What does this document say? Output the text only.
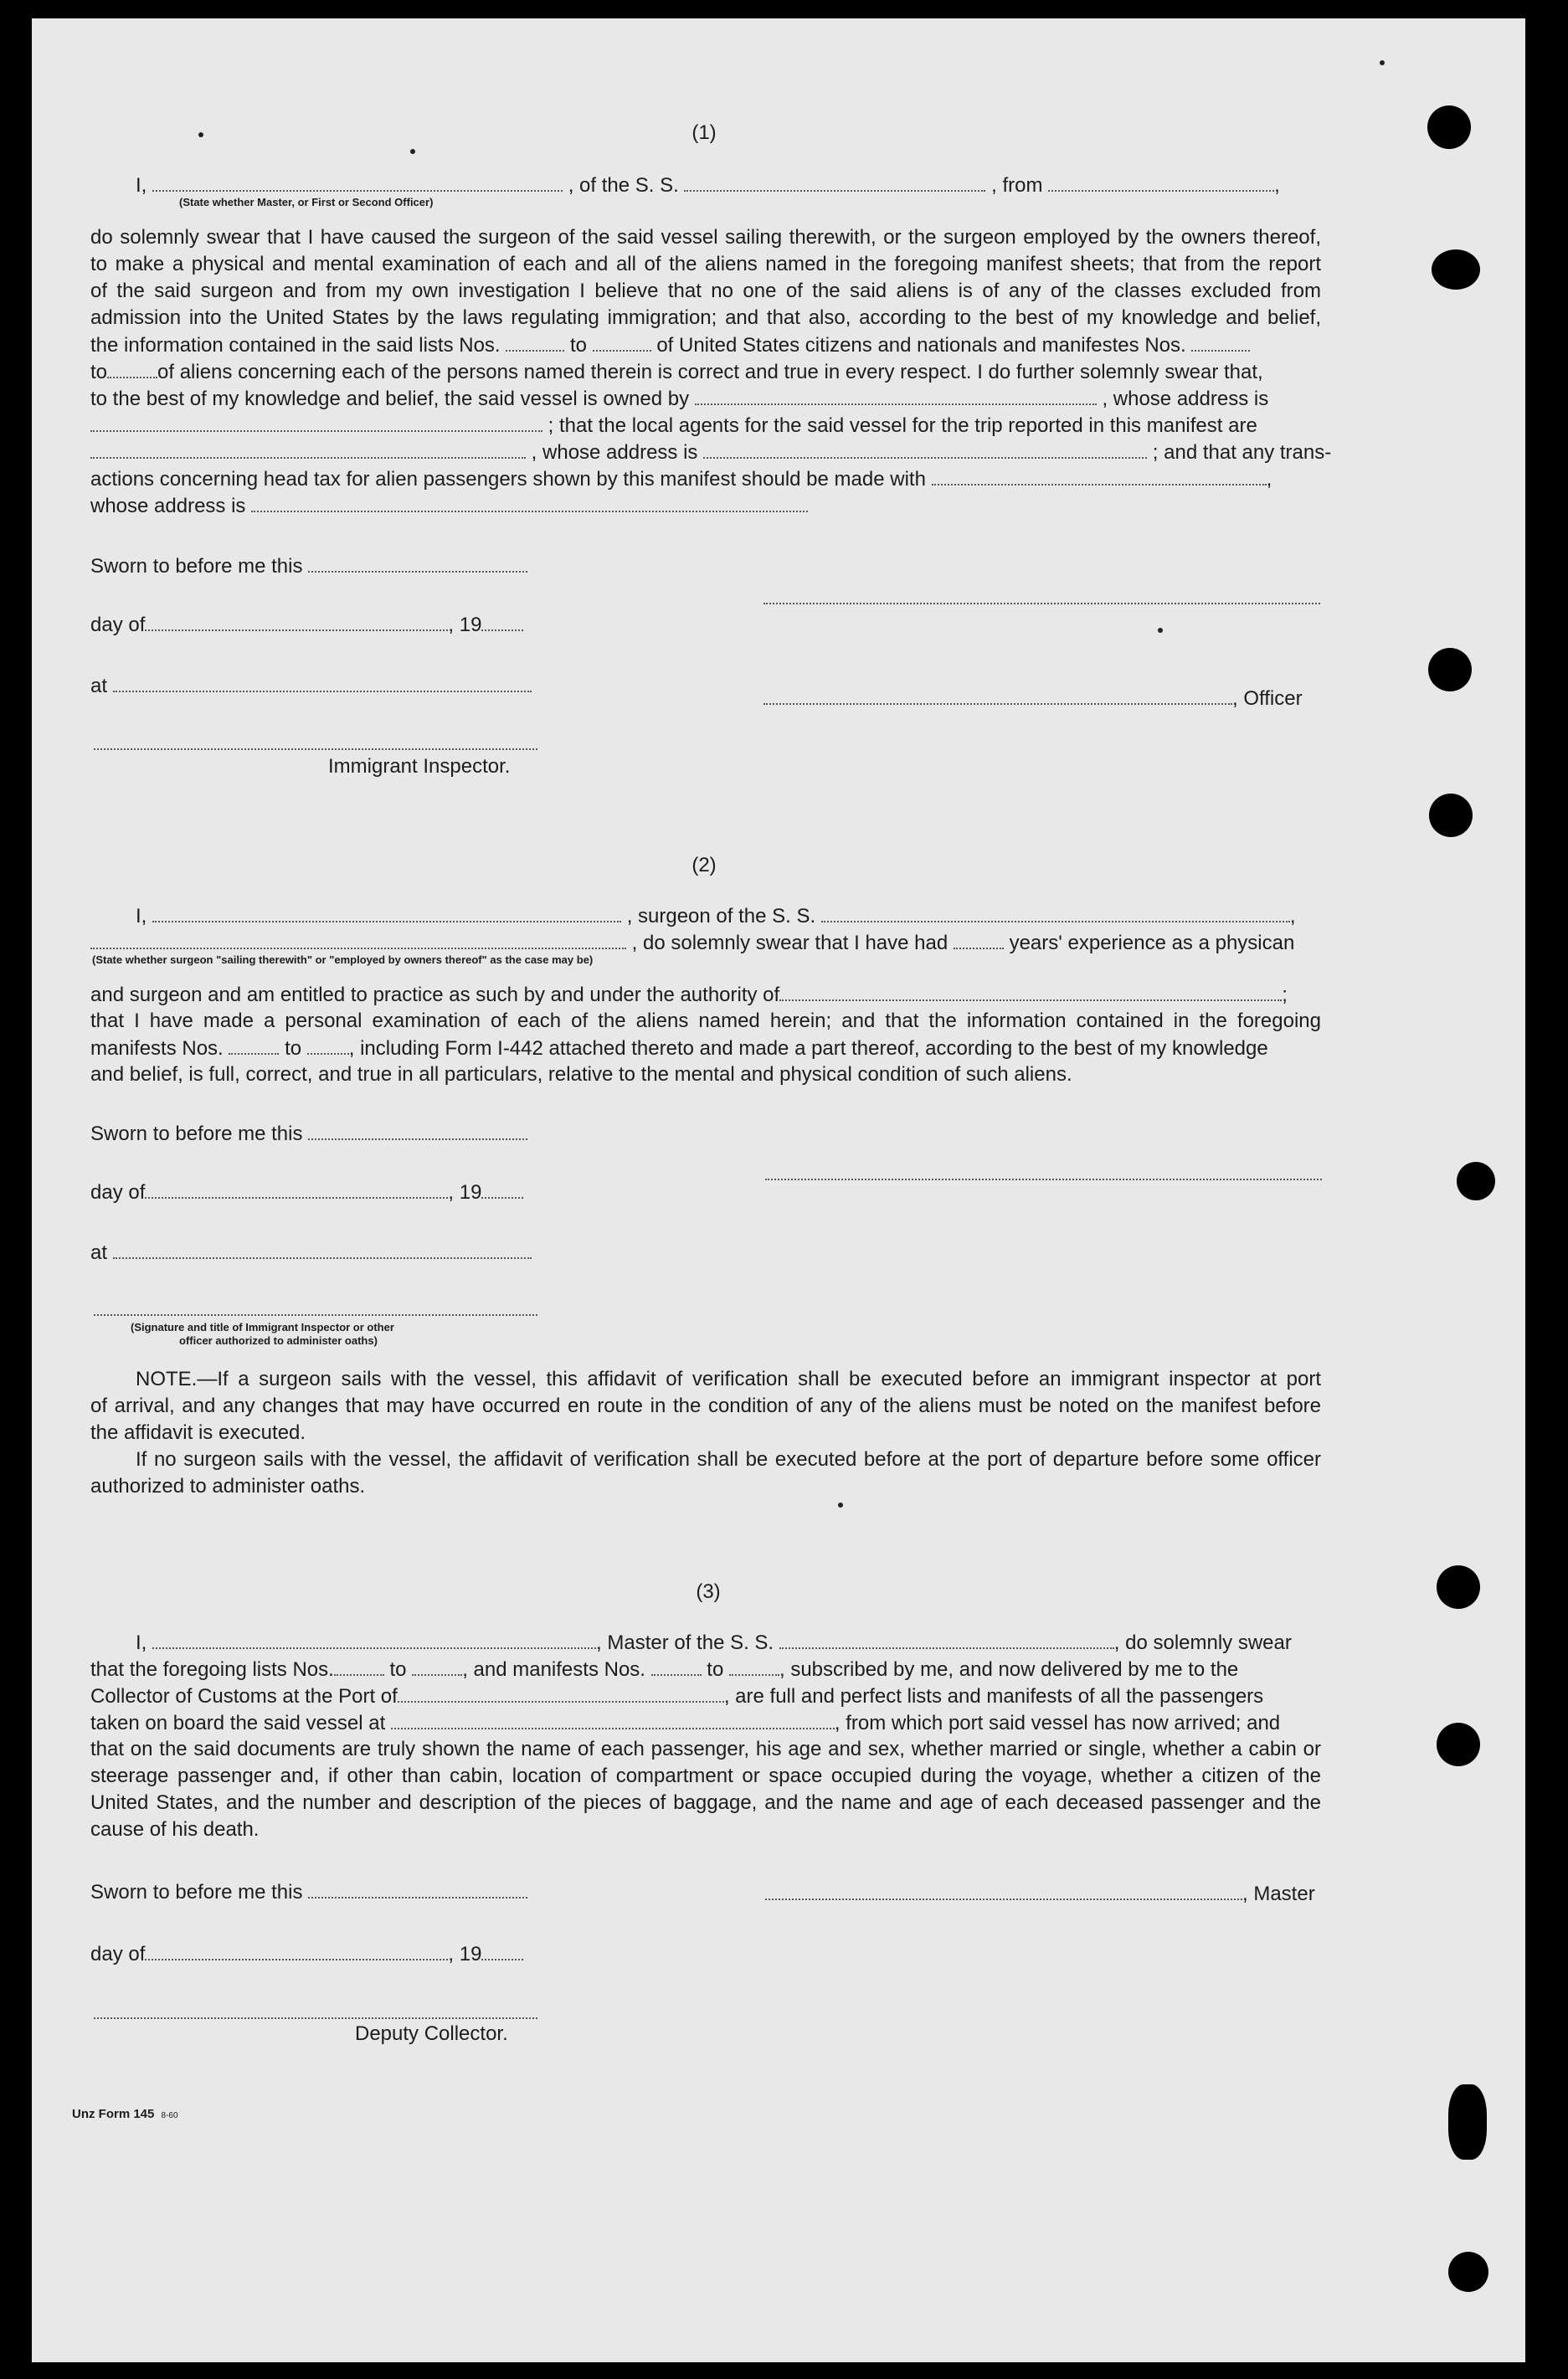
(1)
I,	, of the S. S.	, from	,
(State whether Master, or First or Second Officer)
do solemnly swear that I have caused the surgeon of the said vessel sailing therewith, or the surgeon employed by the owners thereof,
to make a physical and mental examination of each and all of the aliens named in the foregoing manifest sheets; that from the report
of the said surgeon and from my own investigation I believe that no one of the said aliens is of any of the classes excluded from
admission into the United States by the laws regulating immigration; and that also, according to the best of my knowledge and belief,
the information contained in the said lists Nos.	to	of United States citizens and nationals and manifestes Nos.
to	of aliens concerning each of the persons named therein is correct and true in every respect. I do further solemnly swear that,
to the best of my knowledge and belief, the said vessel is owned by	, whose address is
; that the local agents for the said vessel for the trip reported in this manifest are
, whose address is	; and that any trans-
actions concerning head tax for alien passengers shown by this manifest should be made with	,
whose address is
Sworn to before me this
day of	, 19
at
, Officer
Immigrant Inspector.
(2)
I,	, surgeon of the S. S.	,
, do solemnly swear that I have had	years' experience as a physican
(State whether surgeon "sailing therewith" or "employed by owners thereof" as the case may be)
and surgeon and am entitled to practice as such by and under the authority of	;
that I have made a personal examination of each of the aliens named herein; and that the information contained in the foregoing
manifests Nos.	to , including Form I-442 attached thereto and made a part thereof, according to the best of my knowledge
and belief, is full, correct, and true in all particulars, relative to the mental and physical condition of such aliens.
Sworn to before me this
day of	, 19
at
(Signature and title of Immigrant Inspector or other
officer authorized to administer oaths)
NOTE.—If a surgeon sails with the vessel, this affidavit of verification shall be executed before an immigrant inspector at port
of arrival, and any changes that may have occurred en route in the condition of any of the aliens must be noted on the manifest before
the affidavit is executed.
If no surgeon sails with the vessel, the affidavit of verification shall be executed before at the port of departure before some officer
authorized to administer oaths.
(3)
I,	, Master of the S. S.	, do solemnly swear
that the foregoing lists Nos.	to	, and manifests Nos.	to	, subscribed by me, and now delivered by me to the
Collector of Customs at the Port of	, are full and perfect lists and manifests of all the passengers
taken on board the said vessel at	, from which port said vessel has now arrived; and
that on the said documents are truly shown the name of each passenger, his age and sex, whether married or single, whether a cabin or
steerage passenger and, if other than cabin, location of compartment or space occupied during the voyage, whether a citizen of the
United States, and the number and description of the pieces of baggage, and the name and age of each deceased passenger and the
cause of his death.
Sworn to before me this	, Master
day of	, 19
Deputy Collector.
Unz Form 145 8-60
